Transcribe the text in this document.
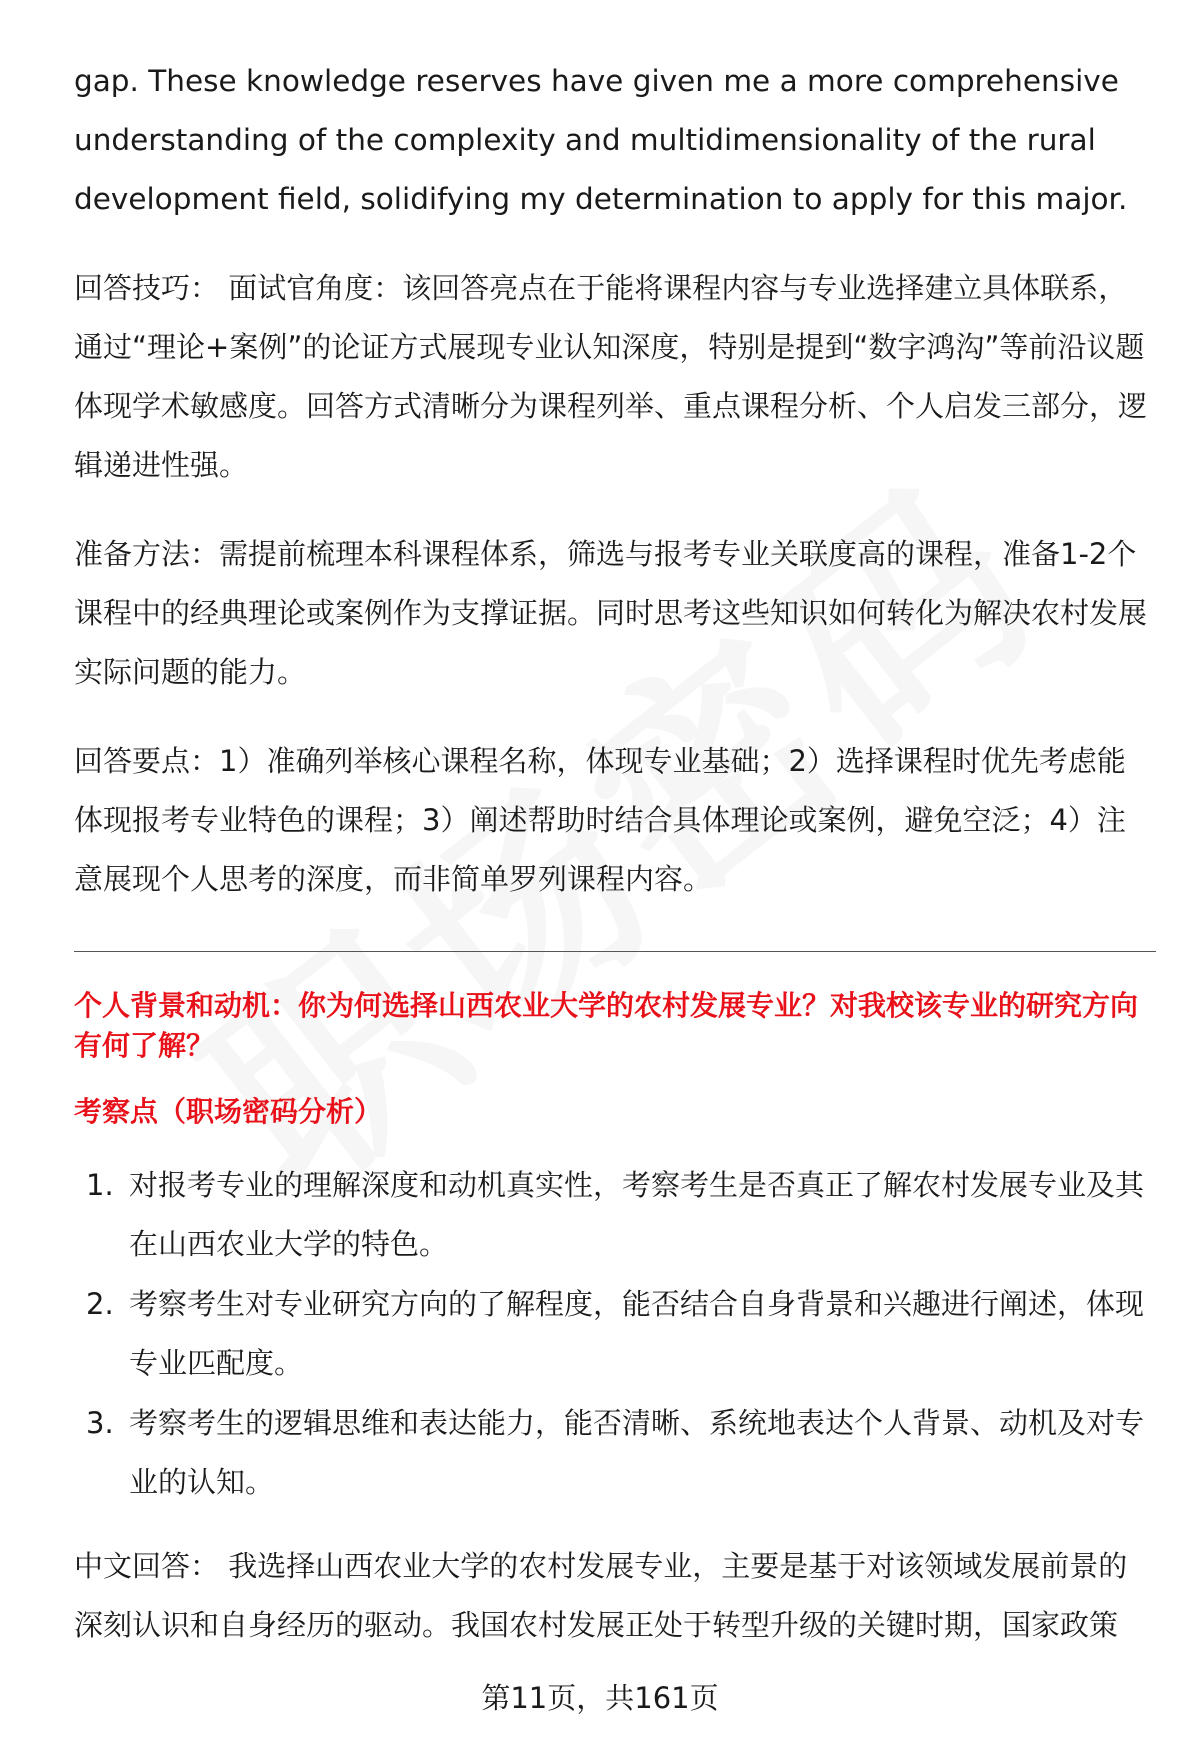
gap. These knowledge reserves have given me a more comprehensive understanding of the complexity and multidimensionality of the rural development field, solidifying my determination to apply for this major.

回答技巧： 面试官角度：该回答亮点在于能将课程内容与专业选择建立具体联系，通过“理论+案例”的论证方式展现专业认知深度，特别是提到“数字鸿沟”等前沿议题体现学术敏感度。回答方式清晰分为课程列举、重点课程分析、个人启发三部分，逻辑递进性强。

准备方法：需提前梳理本科课程体系，筛选与报考专业关联度高的课程，准备1-2个课程中的经典理论或案例作为支撑证据。同时思考这些知识如何转化为解决农村发展实际问题的能力。

回答要点：1）准确列举核心课程名称，体现专业基础；2）选择课程时优先考虑能体现报考专业特色的课程；3）阐述帮助时结合具体理论或案例，避免空泛；4）注意展现个人思考的深度，而非简单罗列课程内容。

个人背景和动机：你为何选择山西农业大学的农村发展专业？对我校该专业的研究方向有何了解？

考察点（职场密码分析）

1. 对报考专业的理解深度和动机真实性，考察考生是否真正了解农村发展专业及其在山西农业大学的特色。
2. 考察考生对专业研究方向的了解程度，能否结合自身背景和兴趣进行阐述，体现专业匹配度。
3. 考察考生的逻辑思维和表达能力，能否清晰、系统地表达个人背景、动机及对专业的认知。

中文回答： 我选择山西农业大学的农村发展专业，主要是基于对该领域发展前景的深刻认识和自身经历的驱动。我国农村发展正处于转型升级的关键时期，国家政策

第11页，共161页
